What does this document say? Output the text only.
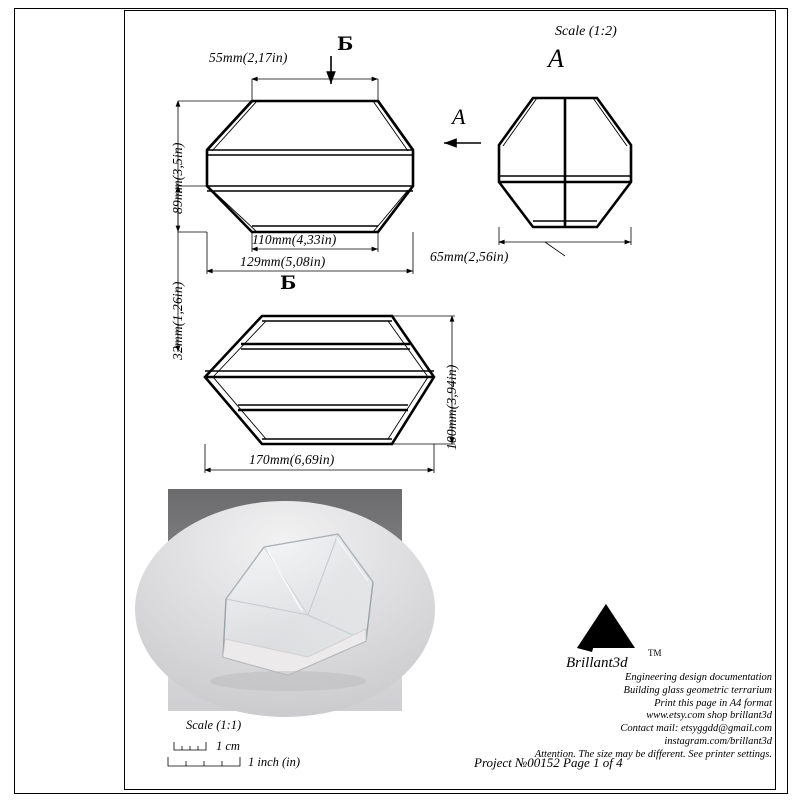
55mm(2,17in)
89mm(3,5in)
32mm(1,26in)
110mm(4,33in)
129mm(5,08in)
Б
Б
А
Scale (1:2)
А
65mm(2,56in)
170mm(6,69in)
100mm(3,94in)
Scale (1:1)
1 cm
1 inch (in)
Brillant3d
TM
Engineering design documentation
Building glass geometric terrarium
Print this page in A4 format
www.etsy.com shop brillant3d
Contact mail: etsyggdd@gmail.com
instagram.com/brillant3d
Attention. The size may be different. See printer settings.
Project №00152 Page 1 of 4
